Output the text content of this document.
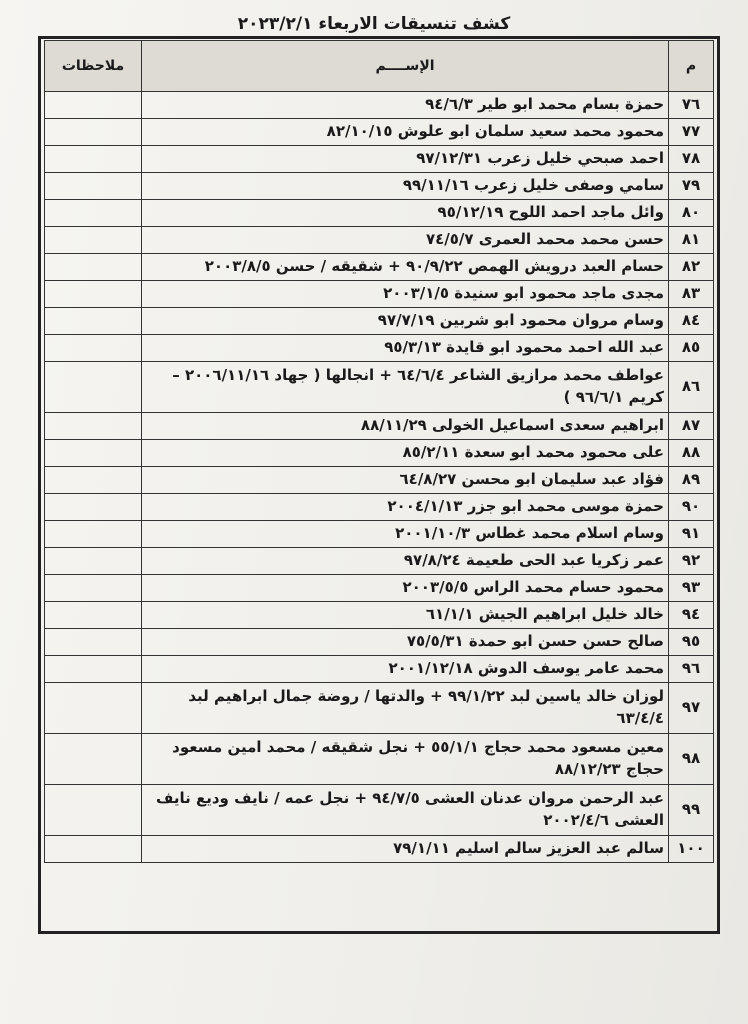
كشف تنسيقات الاربعاء ٢٠٢٣/٢/١
م	الإســــم	ملاحظات
٧٦	حمزة بسام محمد ابو طير ٩٤/٦/٣	
٧٧	محمود محمد سعيد سلمان ابو علوش ٨٢/١٠/١٥	
٧٨	احمد صبحي خليل زعرب ٩٧/١٢/٣١	
٧٩	سامي وصفى خليل زعرب ٩٩/١١/١٦	
٨٠	وائل ماجد احمد اللوح ٩٥/١٢/١٩	
٨١	حسن محمد محمد العمرى ٧٤/٥/٧	
٨٢	حسام العبد درويش الهمص ٩٠/٩/٢٢ + شقيقه / حسن ٢٠٠٣/٨/٥	
٨٣	مجدى ماجد محمود ابو سنيدة ٢٠٠٣/١/٥	
٨٤	وسام مروان محمود ابو شربين ٩٧/٧/١٩	
٨٥	عبد الله احمد محمود ابو قايدة ٩٥/٣/١٣	
٨٦	عواطف محمد مرازيق الشاعر ٦٤/٦/٤ + انجالها ( جهاد ٢٠٠٦/١١/١٦ – كريم ٩٦/٦/١ )	
٨٧	ابراهيم سعدى اسماعيل الخولى ٨٨/١١/٢٩	
٨٨	على محمود محمد ابو سعدة ٨٥/٢/١١	
٨٩	فؤاد عبد سليمان ابو محسن ٦٤/٨/٢٧	
٩٠	حمزة موسى محمد ابو جزر ٢٠٠٤/١/١٣	
٩١	وسام اسلام محمد غطاس ٢٠٠١/١٠/٣	
٩٢	عمر زكريا عبد الحى طعيمة ٩٧/٨/٢٤	
٩٣	محمود حسام محمد الراس ٢٠٠٣/٥/٥	
٩٤	خالد خليل ابراهيم الجيش ٦١/١/١	
٩٥	صالح حسن حسن ابو حمدة ٧٥/٥/٣١	
٩٦	محمد عامر يوسف الدوش ٢٠٠١/١٢/١٨	
٩٧	لوزان خالد ياسين لبد ٩٩/١/٢٢ + والدتها / روضة جمال ابراهيم لبد ٦٣/٤/٤	
٩٨	معين مسعود محمد حجاج ٥٥/١/١ + نجل شقيقه / محمد امين مسعود حجاج ٨٨/١٢/٢٣	
٩٩	عبد الرحمن مروان عدنان العشى ٩٤/٧/٥ + نجل عمه / نايف وديع نايف العشى ٢٠٠٢/٤/٦	
١٠٠	سالم عبد العزيز سالم اسليم ٧٩/١/١١	
